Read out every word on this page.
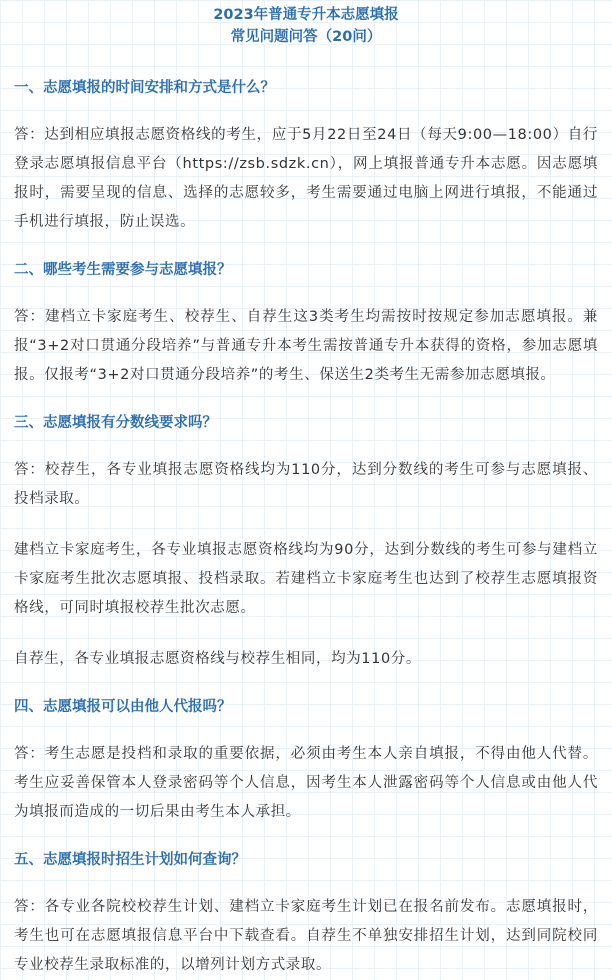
2023年普通专升本志愿填报
常见问题问答（20问）

一、志愿填报的时间安排和方式是什么？

答：达到相应填报志愿资格线的考生，应于5月22日至24日（每天9:00—18:00）自行登录志愿填报信息平台（https://zsb.sdzk.cn），网上填报普通专升本志愿。因志愿填报时，需要呈现的信息、选择的志愿较多，考生需要通过电脑上网进行填报，不能通过手机进行填报，防止误选。

二、哪些考生需要参与志愿填报？

答：建档立卡家庭考生、校荐生、自荐生这3类考生均需按时按规定参加志愿填报。兼报“3+2对口贯通分段培养”与普通专升本考生需按普通专升本获得的资格，参加志愿填报。仅报考“3+2对口贯通分段培养”的考生、保送生2类考生无需参加志愿填报。

三、志愿填报有分数线要求吗？

答：校荐生，各专业填报志愿资格线均为110分，达到分数线的考生可参与志愿填报、投档录取。

建档立卡家庭考生，各专业填报志愿资格线均为90分，达到分数线的考生可参与建档立卡家庭考生批次志愿填报、投档录取。若建档立卡家庭考生也达到了校荐生志愿填报资格线，可同时填报校荐生批次志愿。

自荐生，各专业填报志愿资格线与校荐生相同，均为110分。

四、志愿填报可以由他人代报吗？

答：考生志愿是投档和录取的重要依据，必须由考生本人亲自填报，不得由他人代替。考生应妥善保管本人登录密码等个人信息，因考生本人泄露密码等个人信息或由他人代为填报而造成的一切后果由考生本人承担。

五、志愿填报时招生计划如何查询？

答：各专业各院校校荐生计划、建档立卡家庭考生计划已在报名前发布。志愿填报时，考生也可在志愿填报信息平台中下载查看。自荐生不单独安排招生计划，达到同院校同专业校荐生录取标准的，以增列计划方式录取。
